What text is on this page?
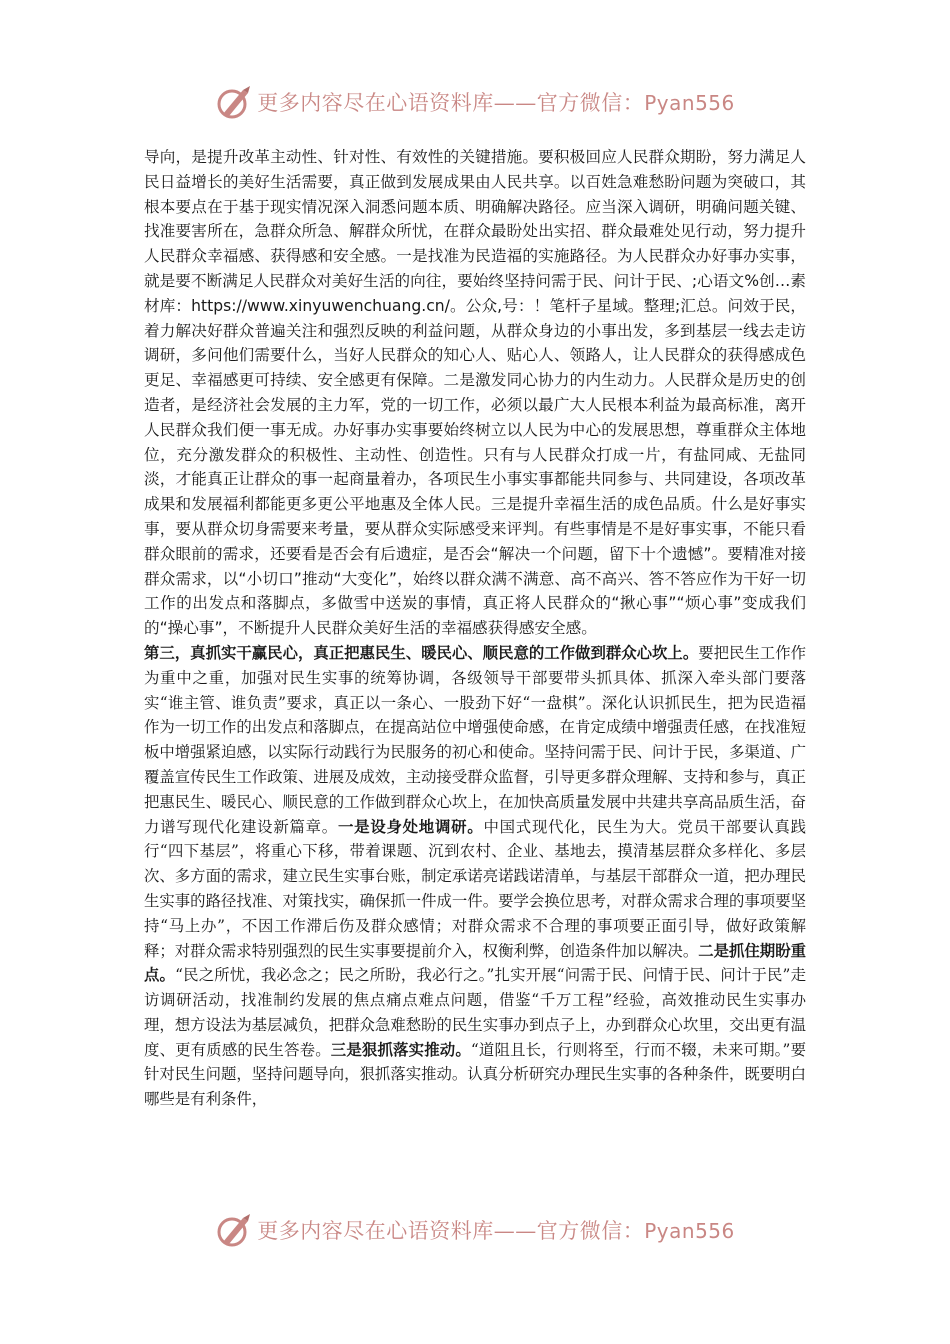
更多内容尽在心语资料库——官方微信：Pyan556

导向，是提升改革主动性、针对性、有效性的关键措施。要积极回应人民群众期盼，努力满足人民日益增长的美好生活需要，真正做到发展成果由人民共享。以百姓急难愁盼问题为突破口，其根本要点在于基于现实情况深入洞悉问题本质、明确解决路径。应当深入调研，明确问题关键、找准要害所在，急群众所急、解群众所忧，在群众最盼处出实招、群众最难处见行动，努力提升人民群众幸福感、获得感和安全感。一是找准为民造福的实施路径。为人民群众办好事办实事，就是要不断满足人民群众对美好生活的向往，要始终坚持问需于民、问计于民、;心语文%创…素材库：https://www.xinyuwenchuang.cn/。公众,号：！笔杆子星域。整理;汇总。问效于民，着力解决好群众普遍关注和强烈反映的利益问题，从群众身边的小事出发，多到基层一线去走访调研，多问他们需要什么，当好人民群众的知心人、贴心人、领路人，让人民群众的获得感成色更足、幸福感更可持续、安全感更有保障。二是激发同心协力的内生动力。人民群众是历史的创造者，是经济社会发展的主力军，党的一切工作，必须以最广大人民根本利益为最高标准，离开人民群众我们便一事无成。办好事办实事要始终树立以人民为中心的发展思想，尊重群众主体地位，充分激发群众的积极性、主动性、创造性。只有与人民群众打成一片，有盐同咸、无盐同淡，才能真正让群众的事一起商量着办，各项民生小事实事都能共同参与、共同建设，各项改革成果和发展福利都能更多更公平地惠及全体人民。三是提升幸福生活的成色品质。什么是好事实事，要从群众切身需要来考量，要从群众实际感受来评判。有些事情是不是好事实事，不能只看群众眼前的需求，还要看是否会有后遗症，是否会“解决一个问题，留下十个遗憾”。要精准对接群众需求，以“小切口”推动“大变化”，始终以群众满不满意、高不高兴、答不答应作为干好一切工作的出发点和落脚点，多做雪中送炭的事情，真正将人民群众的“揪心事”“烦心事”变成我们的“操心事”，不断提升人民群众美好生活的幸福感获得感安全感。

第三，真抓实干赢民心，真正把惠民生、暖民心、顺民意的工作做到群众心坎上。要把民生工作作为重中之重，加强对民生实事的统筹协调，各级领导干部要带头抓具体、抓深入牵头部门要落实“谁主管、谁负责”要求，真正以一条心、一股劲下好“一盘棋”。深化认识抓民生，把为民造福作为一切工作的出发点和落脚点，在提高站位中增强使命感，在肯定成绩中增强责任感，在找准短板中增强紧迫感，以实际行动践行为民服务的初心和使命。坚持问需于民、问计于民，多渠道、广覆盖宣传民生工作政策、进展及成效，主动接受群众监督，引导更多群众理解、支持和参与，真正把惠民生、暖民心、顺民意的工作做到群众心坎上，在加快高质量发展中共建共享高品质生活，奋力谱写现代化建设新篇章。一是设身处地调研。中国式现代化，民生为大。党员干部要认真践行“四下基层”，将重心下移，带着课题、沉到农村、企业、基地去，摸清基层群众多样化、多层次、多方面的需求，建立民生实事台账，制定承诺亮诺践诺清单，与基层干部群众一道，把办理民生实事的路径找准、对策找实，确保抓一件成一件。要学会换位思考，对群众需求合理的事项要坚持“马上办”，不因工作滞后伤及群众感情；对群众需求不合理的事项要正面引导，做好政策解释；对群众需求特别强烈的民生实事要提前介入，权衡利弊，创造条件加以解决。二是抓住期盼重点。“民之所忧，我必念之；民之所盼，我必行之。”扎实开展“问需于民、问情于民、问计于民”走访调研活动，找准制约发展的焦点痛点难点问题，借鉴“千万工程”经验，高效推动民生实事办理，想方设法为基层减负，把群众急难愁盼的民生实事办到点子上，办到群众心坎里，交出更有温度、更有质感的民生答卷。三是狠抓落实推动。“道阻且长，行则将至，行而不辍，未来可期。”要针对民生问题，坚持问题导向，狠抓落实推动。认真分析研究办理民生实事的各种条件，既要明白哪些是有利条件，

更多内容尽在心语资料库——官方微信：Pyan556
